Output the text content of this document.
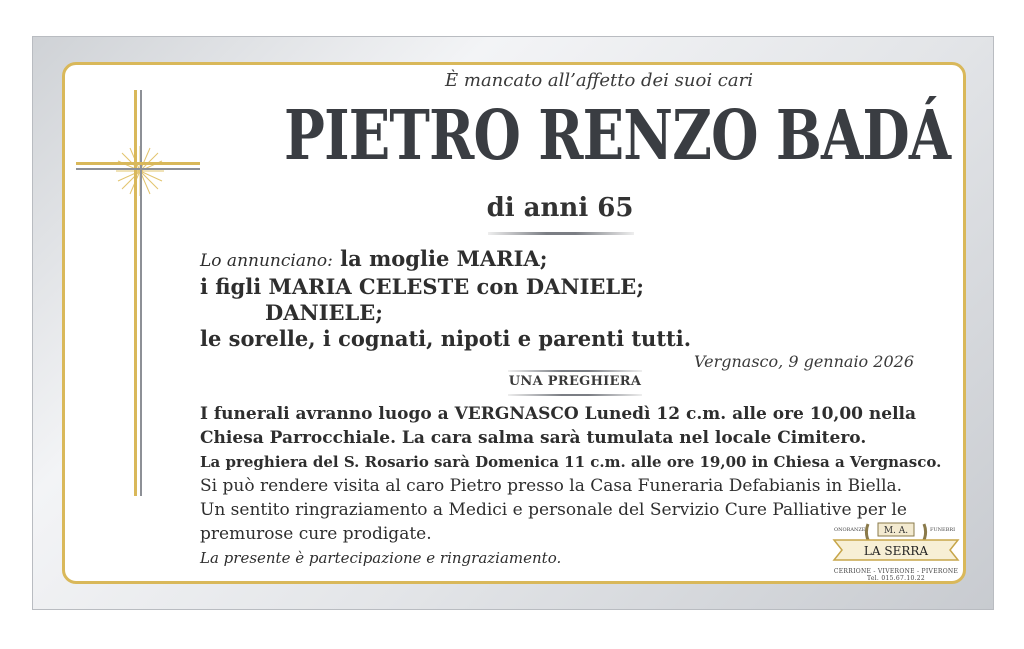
È mancato all’affetto dei suoi cari
PIETRO RENZO BADÁ
di anni 65
Lo annunciano: la moglie MARIA;
i figli MARIA CELESTE con DANIELE;
DANIELE;
le sorelle, i cognati, nipoti e parenti tutti.
Vergnasco, 9 gennaio 2026
UNA PREGHIERA
I funerali avranno luogo a VERGNASCO Lunedì 12 c.m. alle ore 10,00 nella Chiesa Parrocchiale. La cara salma sarà tumulata nel locale Cimitero.
La preghiera del S. Rosario sarà Domenica 11 c.m. alle ore 19,00 in Chiesa a Vergnasco.
Si può rendere visita al caro Pietro presso la Casa Funeraria Defabianis in Biella.
Un sentito ringraziamento a Medici e personale del Servizio Cure Palliative per le premurose cure prodigate.
La presente è partecipazione e ringraziamento.
ONORANZE	FUNEBRI
M. A.
LA SERRA
CERRIONE - VIVERONE - PIVERONE
Tel. 015.67.10.22
